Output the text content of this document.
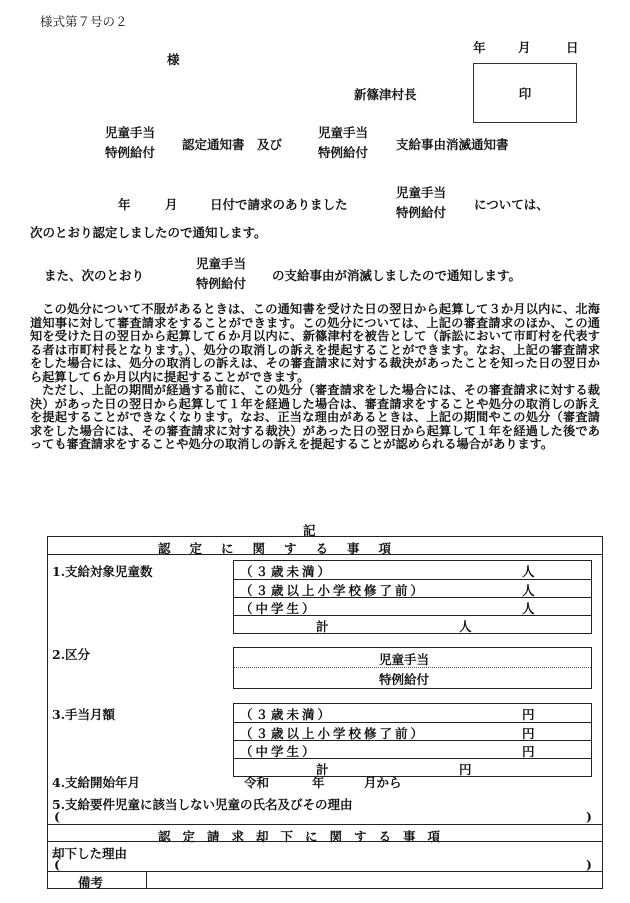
様式第７号の２
様
年	月	日
新篠津村長	印
児童手当
特例給付
認定通知書　及び
児童手当
特例給付
支給事由消滅通知書
年	月	日付で請求のありました
児童手当
特例給付
については、
次のとおり認定しましたので通知します。
また、次のとおり
児童手当
特例給付
の支給事由が消滅しましたので通知します。

この処分について不服があるときは、この通知書を受けた日の翌日から起算して３か月以内に、北海道知事に対して審査請求をすることができます。この処分については、上記の審査請求のほか、この通知を受けた日の翌日から起算して６か月以内に、新篠津村を被告として（訴訟において市町村を代表する者は市町村長となります。）、処分の取消しの訴えを提起することができます。なお、上記の審査請求をした場合には、処分の取消しの訴えは、その審査請求に対する裁決があったことを知った日の翌日から起算して６か月以内に提起することができます。

ただし、上記の期間が経過する前に、この処分（審査請求をした場合には、その審査請求に対する裁決）があった日の翌日から起算して１年を経過した場合は、審査請求をすることや処分の取消しの訴えを提起することができなくなります。なお、正当な理由があるときは、上記の期間やこの処分（審査請求をした場合には、その審査請求に対する裁決）があった日の翌日から起算して１年を経過した後であっても審査請求をすることや処分の取消しの訴えを提起することが認められる場合があります。

記
認定に関する事項
1.支給対象児童数	（３歳未満）	人
（３歳以上小学校修了前）	人
（中学生）	人
計	人
2.区分	児童手当
特例給付
3.手当月額	（３歳未満）	円
（３歳以上小学校修了前）	円
（中学生）	円
計	円
4.支給開始年月	令和	年	月から
5.支給要件児童に該当しない児童の氏名及びその理由
(	)
認定請求却下に関する事項
却下した理由
(	)
備考
